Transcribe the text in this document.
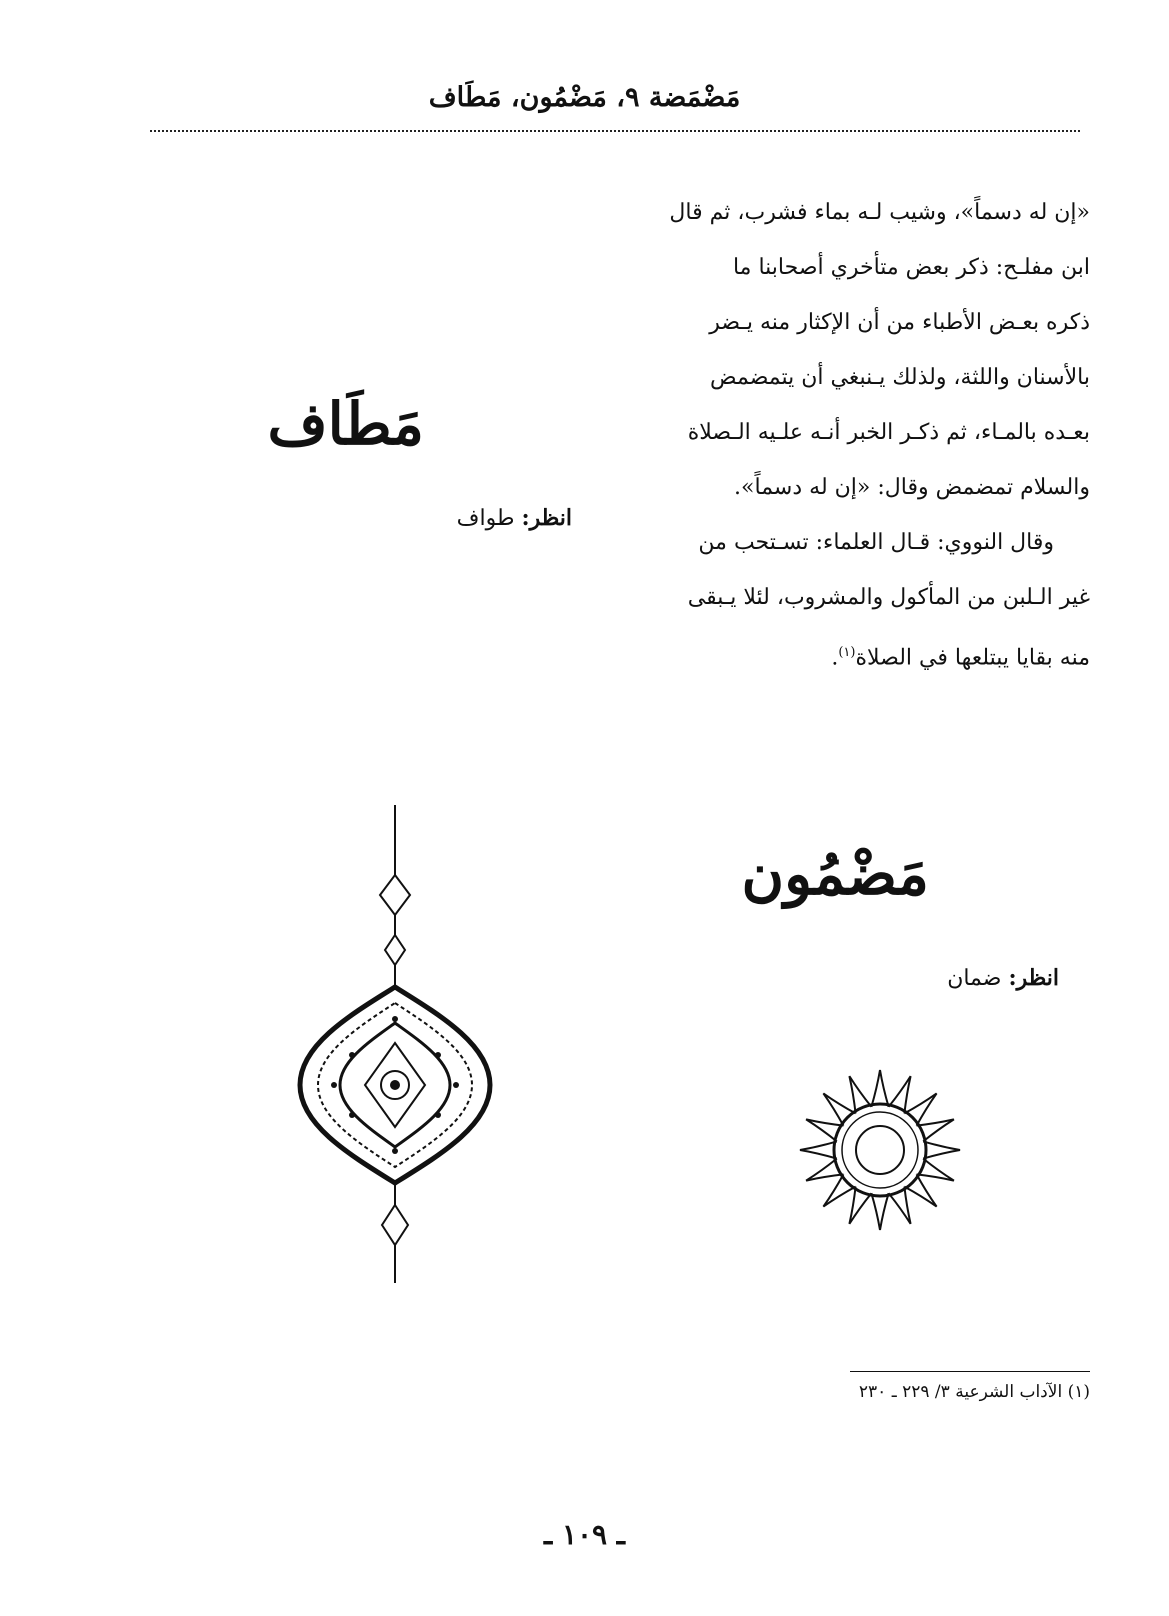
مَضْمَضة ٩، مَضْمُون، مَطَاف
«إن له دسماً»، وشيب لـه بماء فشرب، ثم قال
ابن مفلـح: ذكر بعض متأخري أصحابنا ما
ذكره بعـض الأطباء من أن الإكثار منه يـضر
بالأسنان واللثة، ولذلك يـنبغي أن يتمضمض
بعـده بالمـاء، ثم ذكـر الخبر أنـه علـيه الـصلاة
والسلام تمضمض وقال: «إن له دسماً».
وقال النووي: قـال العلماء: تسـتحب من
غير الـلبن من المأكول والمشروب، لئلا يـبقى
منه بقايا يبتلعها في الصلاة$^{(١)}$.
مَطَاف
انظر: طواف
مَضْمُون
انظر: ضمان
(١) الآداب الشرعية ٣/ ٢٢٩ ـ ٢٣٠
ـ ١٠٩ ـ
